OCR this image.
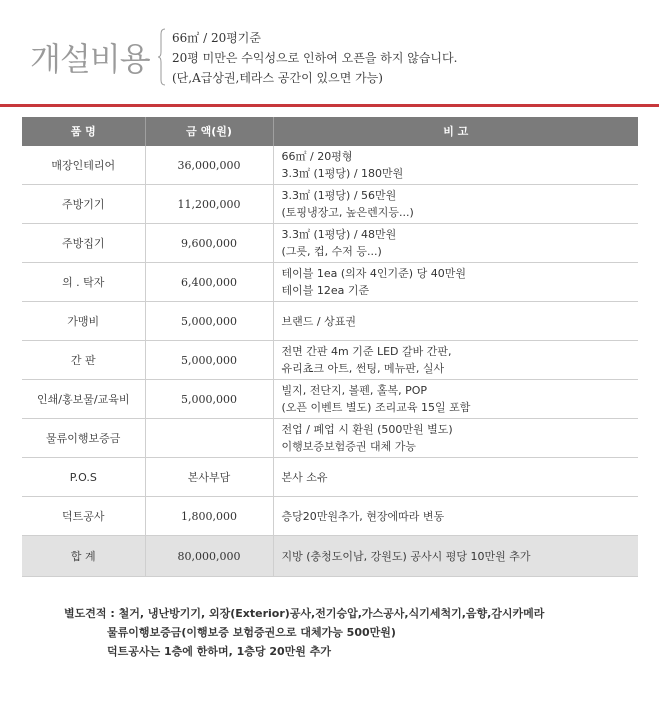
개설비용
66㎡ / 20평기준
20평 미만은 수익성으로 인하여 오픈을 하지 않습니다.
(단,A급상권,테라스 공간이 있으면 가능)
품 명	금 액(원)	비 고
매장인테리어	36,000,000	66㎡ / 20평형
3.3㎡ (1평당) / 180만원

주방기기	11,200,000	3.3㎡ (1평당) / 56만원
(토핑냉장고, 높은렌지등...)

주방집기	9,600,000	3.3㎡ (1평당) / 48만원
(그릇, 컵, 수저 등...)

의 . 탁자	6,400,000	테이블 1ea (의자 4인기준) 당 40만원
테이블 12ea 기준

가맹비	5,000,000	브랜드 / 상표권

간 판	5,000,000	전면 간판 4m 기준 LED 갈바 간판,
유리쵸크 아트, 썬팅, 메뉴판, 실사

인쇄/홍보물/교육비	5,000,000	빌지, 전단지, 볼펜, 홀복, POP
(오픈 이벤트 별도) 조리교육 15일 포함

물류이행보증금		전업 / 폐업 시 환원 (500만원 별도)
이행보증보험증권 대체 가능

P.O.S	본사부담	본사 소유

덕트공사	1,800,000	층당20만원추가, 현장에따라 변동

합 계	80,000,000	지방 (충청도이남, 강원도) 공사시 평당 10만원 추가
별도견적 : 철거, 냉난방기기, 외장(Exterior)공사,전기승압,가스공사,식기세척기,음향,감시카메라
물류이행보증금(이행보증 보험증권으로 대체가능 500만원)
덕트공사는 1층에 한하며, 1층당 20만원 추가
